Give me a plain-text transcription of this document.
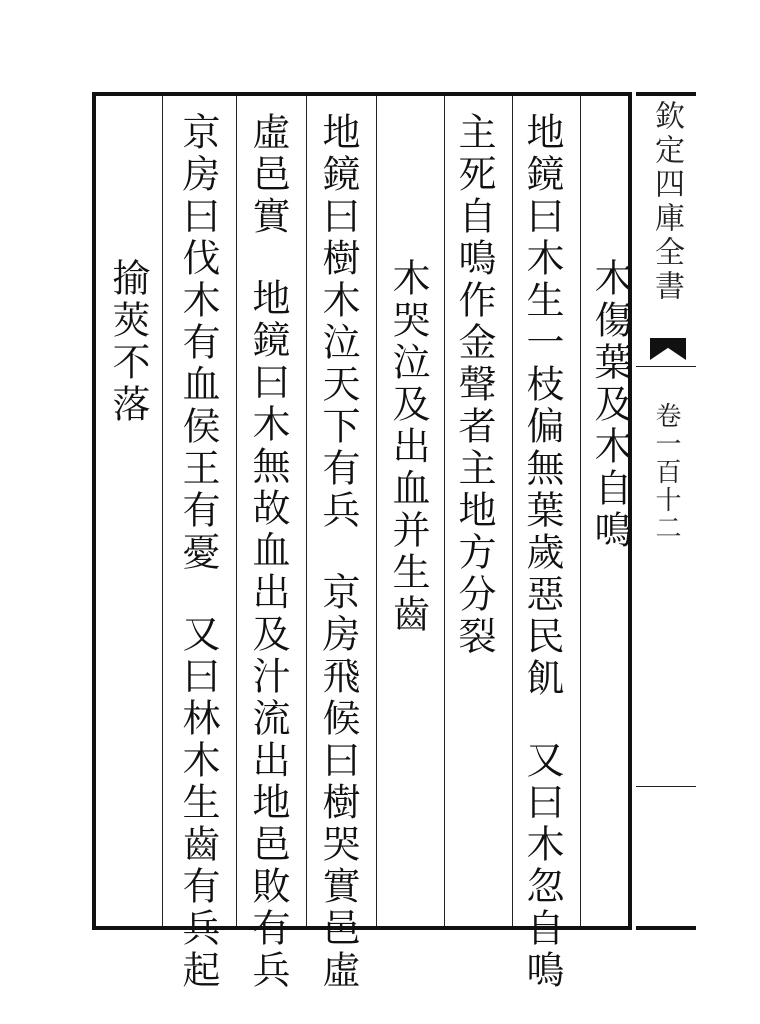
欽定四庫全書
卷一百十二
木傷葉及木自鳴
地鏡曰木生一枝偏無葉歲惡民飢又曰木忽自鳴
主死自鳴作金聲者主地方分裂
木哭泣及出血并生齒
地鏡曰樹木泣天下有兵京房飛候曰樹哭實邑虛
虛邑實地鏡曰木無故血出及汁流出地邑敗有兵
京房曰伐木有血侯王有憂又曰林木生齒有兵起
揄莢不落
